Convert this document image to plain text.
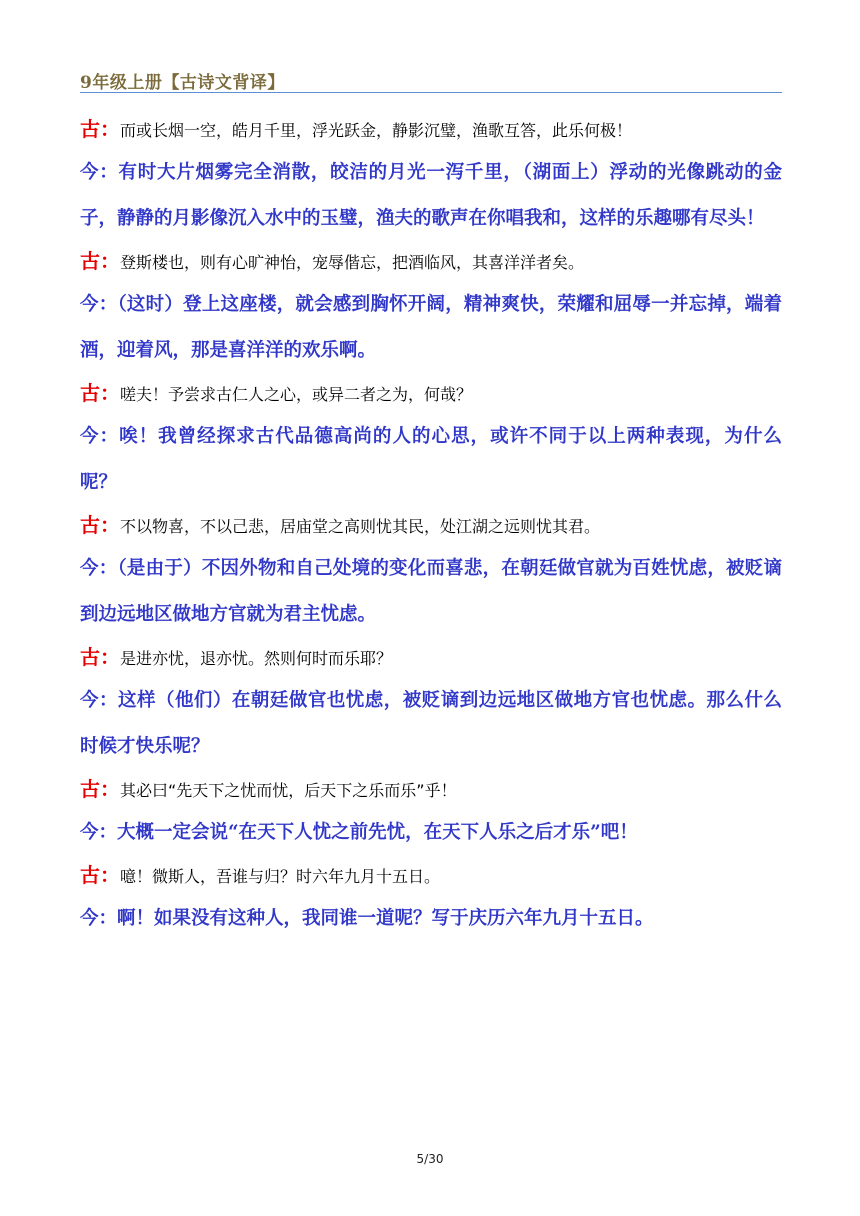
9年级上册【古诗文背译】

古：而或长烟一空，皓月千里，浮光跃金，静影沉璧，渔歌互答，此乐何极！

今：有时大片烟雾完全消散，皎洁的月光一泻千里，（湖面上）浮动的光像跳动的金子，静静的月影像沉入水中的玉璧，渔夫的歌声在你唱我和，这样的乐趣哪有尽头！

古：登斯楼也，则有心旷神怡，宠辱偕忘，把酒临风，其喜洋洋者矣。

今：（这时）登上这座楼，就会感到胸怀开阔，精神爽快，荣耀和屈辱一并忘掉，端着酒，迎着风，那是喜洋洋的欢乐啊。

古：嗟夫！予尝求古仁人之心，或异二者之为，何哉？

今：唉！我曾经探求古代品德高尚的人的心思，或许不同于以上两种表现，为什么呢？

古：不以物喜，不以己悲，居庙堂之高则忧其民，处江湖之远则忧其君。

今：（是由于）不因外物和自己处境的变化而喜悲，在朝廷做官就为百姓忧虑，被贬谪到边远地区做地方官就为君主忧虑。

古：是进亦忧，退亦忧。然则何时而乐耶？

今：这样（他们）在朝廷做官也忧虑，被贬谪到边远地区做地方官也忧虑。那么什么时候才快乐呢？

古：其必曰“先天下之忧而忧，后天下之乐而乐”乎！

今：大概一定会说“在天下人忧之前先忧，在天下人乐之后才乐”吧！

古：噫！微斯人，吾谁与归？时六年九月十五日。

今：啊！如果没有这种人，我同谁一道呢？写于庆历六年九月十五日。

5/30
